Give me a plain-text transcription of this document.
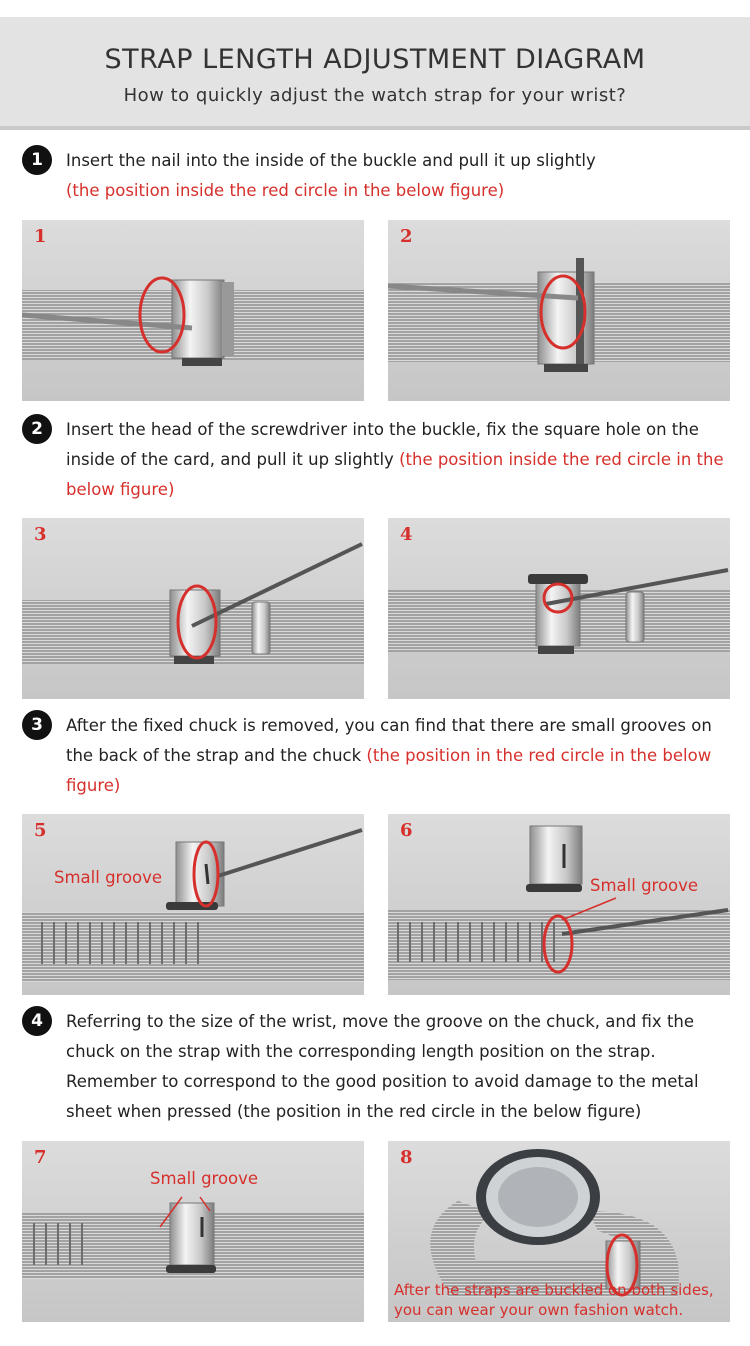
STRAP LENGTH ADJUSTMENT DIAGRAM
How to quickly adjust the watch strap for your wrist?
1	Insert the nail into the inside of the buckle and pull it up slightly
(the position inside the red circle in the below figure)
1	2
2	Insert the head of the screwdriver into the buckle, fix the square hole on the inside of the card, and pull it up slightly (the position inside the red circle in the below figure)
3	4
3	After the fixed chuck is removed, you can find that there are small grooves on the back of the strap and the chuck (the position in the red circle in the below figure)
5
Small groove
6
Small groove
4	Referring to the size of the wrist, move the groove on the chuck, and fix the chuck on the strap with the corresponding length position on the strap. Remember to correspond to the good position to avoid damage to the metal sheet when pressed (the position in the red circle in the below figure)
7
Small groove
8
After the straps are buckled on both sides, you can wear your own fashion watch.
